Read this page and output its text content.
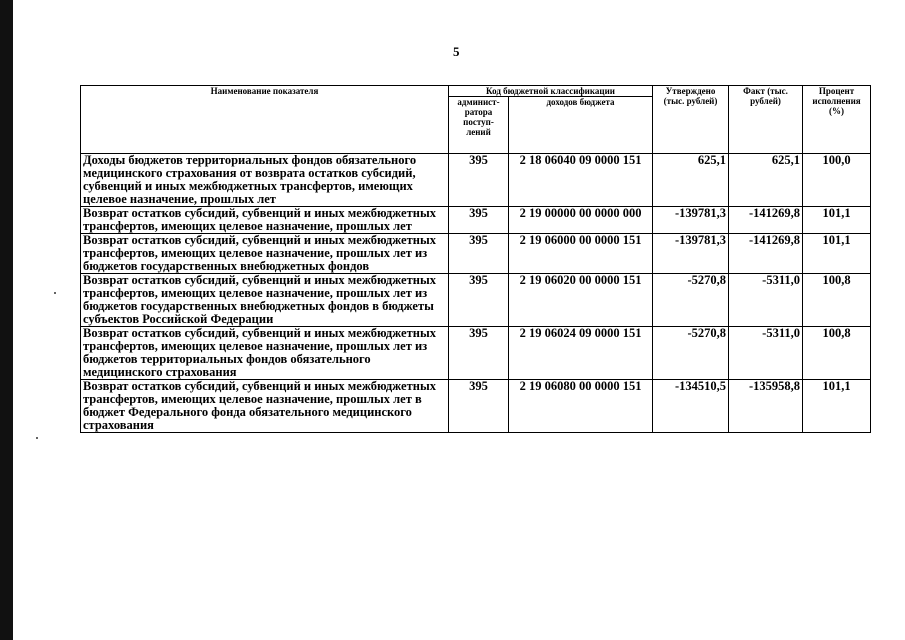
5
Наименование показателя	Код бюджетной классификации		Утверждено (тыс. рублей)	Факт (тыс. рублей)	Процент исполнения (%)
	админист-ратора поступ-лений	доходов бюджета			
Доходы бюджетов территориальных фондов обязательного медицинского страхования от возврата остатков субсидий, субвенций и иных межбюджетных трансфертов, имеющих целевое назначение, прошлых лет	395	2 18 06040 09 0000 151	625,1	625,1	100,0
Возврат остатков субсидий, субвенций и иных межбюджетных трансфертов, имеющих целевое назначение, прошлых лет	395	2 19 00000 00 0000 000	-139781,3	-141269,8	101,1
Возврат остатков субсидий, субвенций и иных межбюджетных трансфертов, имеющих целевое назначение, прошлых лет из бюджетов государственных внебюджетных фондов	395	2 19 06000 00 0000 151	-139781,3	-141269,8	101,1
Возврат остатков субсидий, субвенций и иных межбюджетных трансфертов, имеющих целевое назначение, прошлых лет из бюджетов государственных внебюджетных фондов в бюджеты субъектов Российской Федерации	395	2 19 06020 00 0000 151	-5270,8	-5311,0	100,8
Возврат остатков субсидий, субвенций и иных межбюджетных трансфертов, имеющих целевое назначение, прошлых лет из бюджетов территориальных фондов обязательного медицинского страхования	395	2 19 06024 09 0000 151	-5270,8	-5311,0	100,8
Возврат остатков субсидий, субвенций и иных межбюджетных трансфертов, имеющих целевое назначение, прошлых лет в бюджет Федерального фонда обязательного медицинского страхования	395	2 19 06080 00 0000 151	-134510,5	-135958,8	101,1
